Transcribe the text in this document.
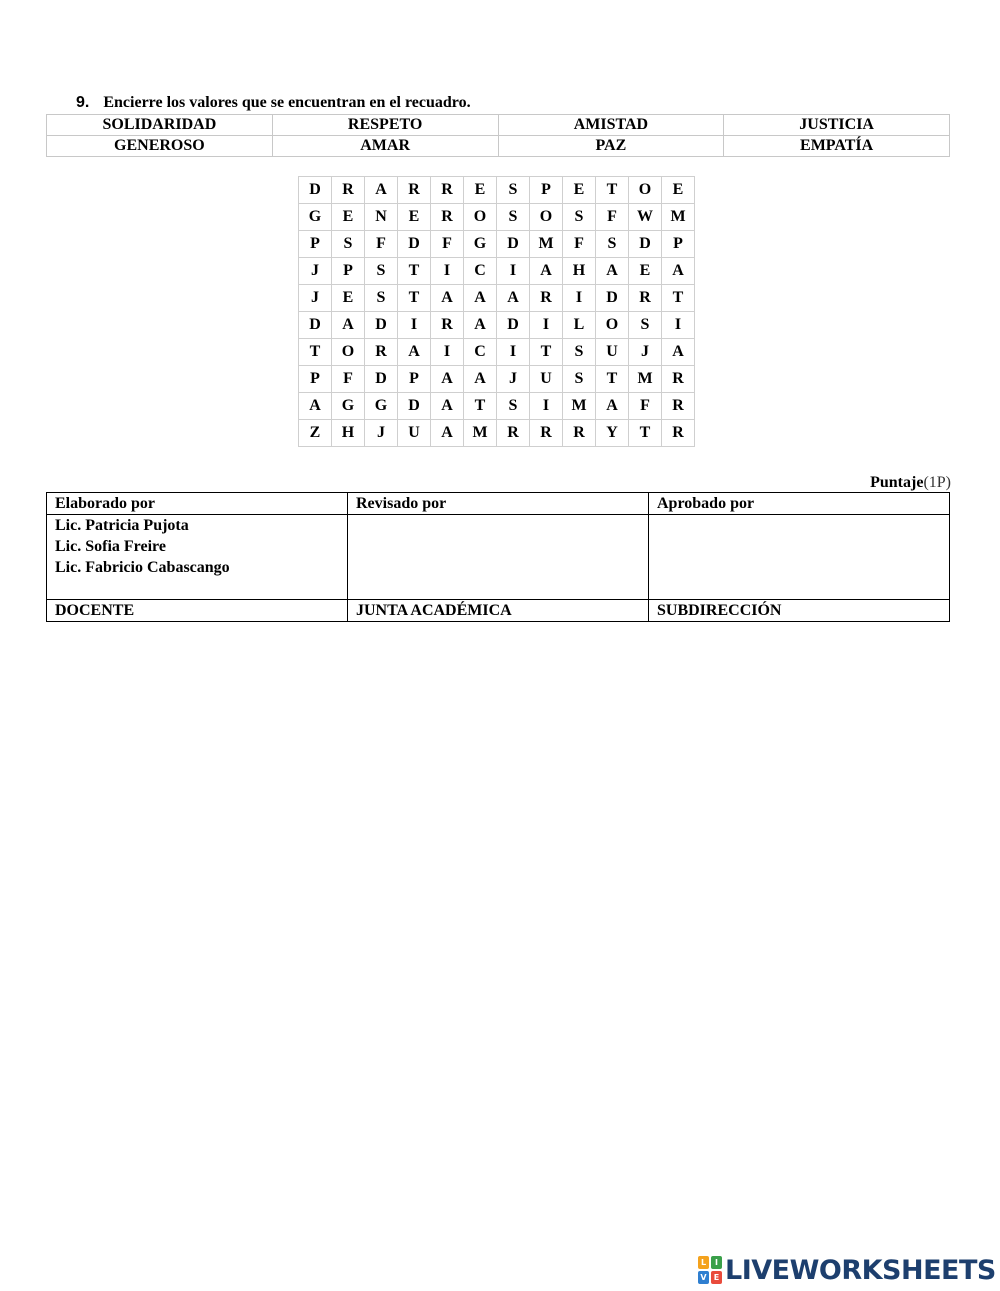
9. Encierre los valores que se encuentran en el recuadro.
SOLIDARIDAD	RESPETO	AMISTAD	JUSTICIA
GENEROSO	AMAR	PAZ	EMPATÍA
D	R	A	R	R	E	S	P	E	T	O	E
G	E	N	E	R	O	S	O	S	F	W	M
P	S	F	D	F	G	D	M	F	S	D	P
J	P	S	T	I	C	I	A	H	A	E	A
J	E	S	T	A	A	A	R	I	D	R	T
D	A	D	I	R	A	D	I	L	O	S	I
T	O	R	A	I	C	I	T	S	U	J	A
P	F	D	P	A	A	J	U	S	T	M	R
A	G	G	D	A	T	S	I	M	A	F	R
Z	H	J	U	A	M	R	R	R	Y	T	R
Puntaje(1P)
Elaborado por	Revisado por	Aprobado por

Lic. Patricia Pujota
Lic. Sofia Freire
Lic. Fabricio Cabascango		

DOCENTE	JUNTA ACADÉMICA	SUBDIRECCIÓN
L	I
V E LIVEWORKSHEETS
